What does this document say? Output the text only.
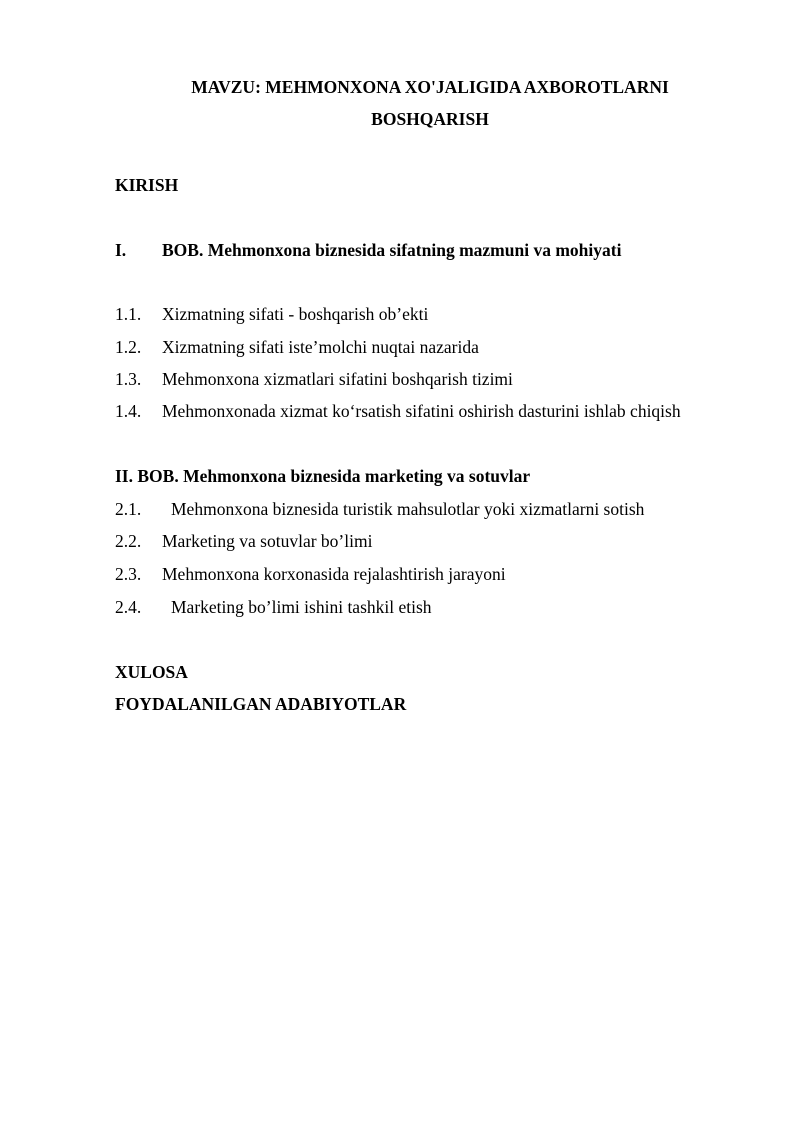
MAVZU: MEHMONXONA XO'JALIGIDA AXBOROTLARNI
BOSHQARISH
KIRISH
I. BOB. Mehmonxona biznesida sifatning mazmuni va mohiyati
1.1. Xizmatning sifati - boshqarish ob’ekti
1.2. Xizmatning sifati iste’molchi nuqtai nazarida
1.3. Mehmonxona xizmatlari sifatini boshqarish tizimi
1.4. Mehmonxonada xizmat ko‘rsatish sifatini oshirish dasturini ishlab chiqish
II. BOB. Mehmonxona biznesida marketing va sotuvlar
2.1. Mehmonxona biznesida turistik mahsulotlar yoki xizmatlarni sotish
2.2. Marketing va sotuvlar bo’limi
2.3. Mehmonxona korxonasida rejalashtirish jarayoni
2.4. Marketing bo’limi ishini tashkil etish
XULOSA
FOYDALANILGAN ADABIYOTLAR
